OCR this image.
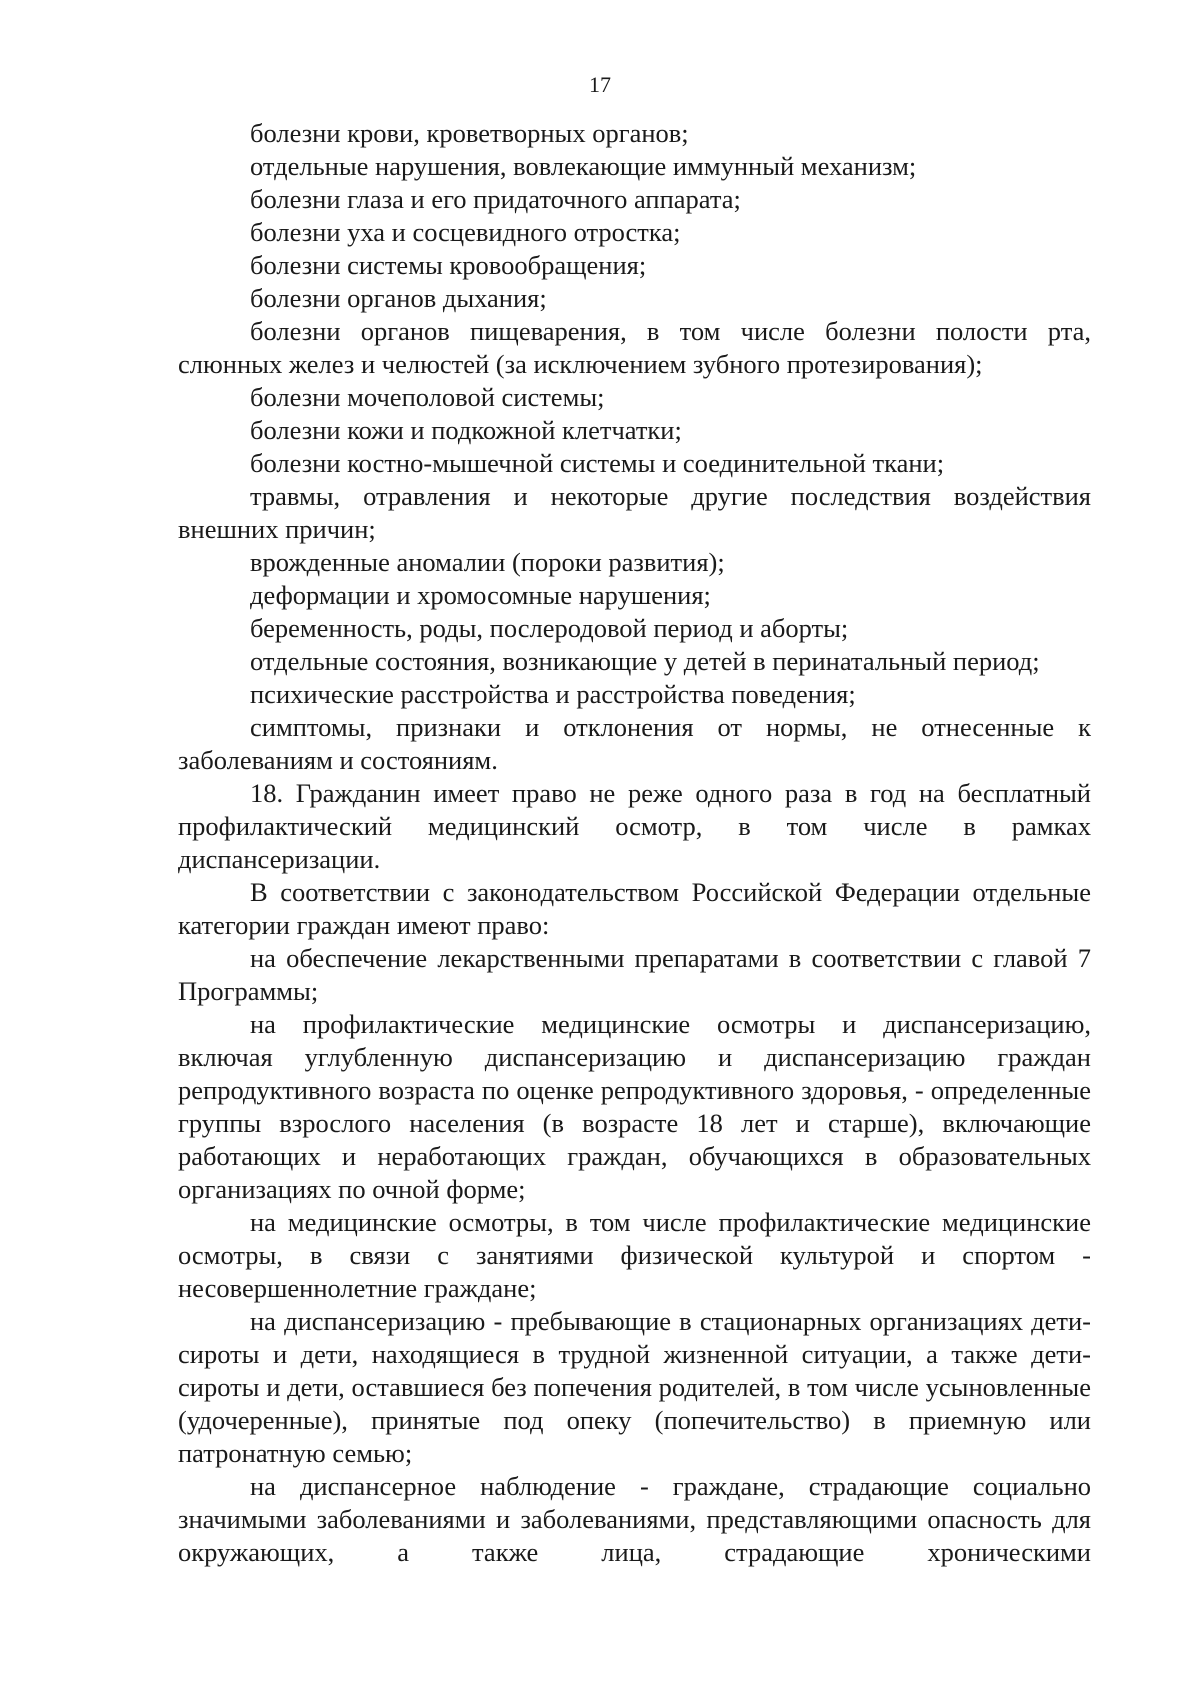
17

болезни крови, кроветворных органов;

отдельные нарушения, вовлекающие иммунный механизм;

болезни глаза и его придаточного аппарата;

болезни уха и сосцевидного отростка;

болезни системы кровообращения;

болезни органов дыхания;

болезни органов пищеварения, в том числе болезни полости рта, слюнных желез и челюстей (за исключением зубного протезирования);

болезни мочеполовой системы;

болезни кожи и подкожной клетчатки;

болезни костно-мышечной системы и соединительной ткани;

травмы, отравления и некоторые другие последствия воздействия внешних причин;

врожденные аномалии (пороки развития);

деформации и хромосомные нарушения;

беременность, роды, послеродовой период и аборты;

отдельные состояния, возникающие у детей в перинатальный период;

психические расстройства и расстройства поведения;

симптомы, признаки и отклонения от нормы, не отнесенные к заболеваниям и состояниям.

18. Гражданин имеет право не реже одного раза в год на бесплатный профилактический медицинский осмотр, в том числе в рамках диспансеризации.

В соответствии с законодательством Российской Федерации отдельные категории граждан имеют право:

на обеспечение лекарственными препаратами в соответствии с главой 7 Программы;

на профилактические медицинские осмотры и диспансеризацию, включая углубленную диспансеризацию и диспансеризацию граждан репродуктивного возраста по оценке репродуктивного здоровья, - определенные группы взрослого населения (в возрасте 18 лет и старше), включающие работающих и неработающих граждан, обучающихся в образовательных организациях по очной форме;

на медицинские осмотры, в том числе профилактические медицинские осмотры, в связи с занятиями физической культурой и спортом - несовершеннолетние граждане;

на диспансеризацию - пребывающие в стационарных организациях дети-сироты и дети, находящиеся в трудной жизненной ситуации, а также дети-сироты и дети, оставшиеся без попечения родителей, в том числе усыновленные (удочеренные), принятые под опеку (попечительство) в приемную или патронатную семью;

на диспансерное наблюдение - граждане, страдающие социально значимыми заболеваниями и заболеваниями, представляющими опасность для окружающих, а также лица, страдающие хроническими
